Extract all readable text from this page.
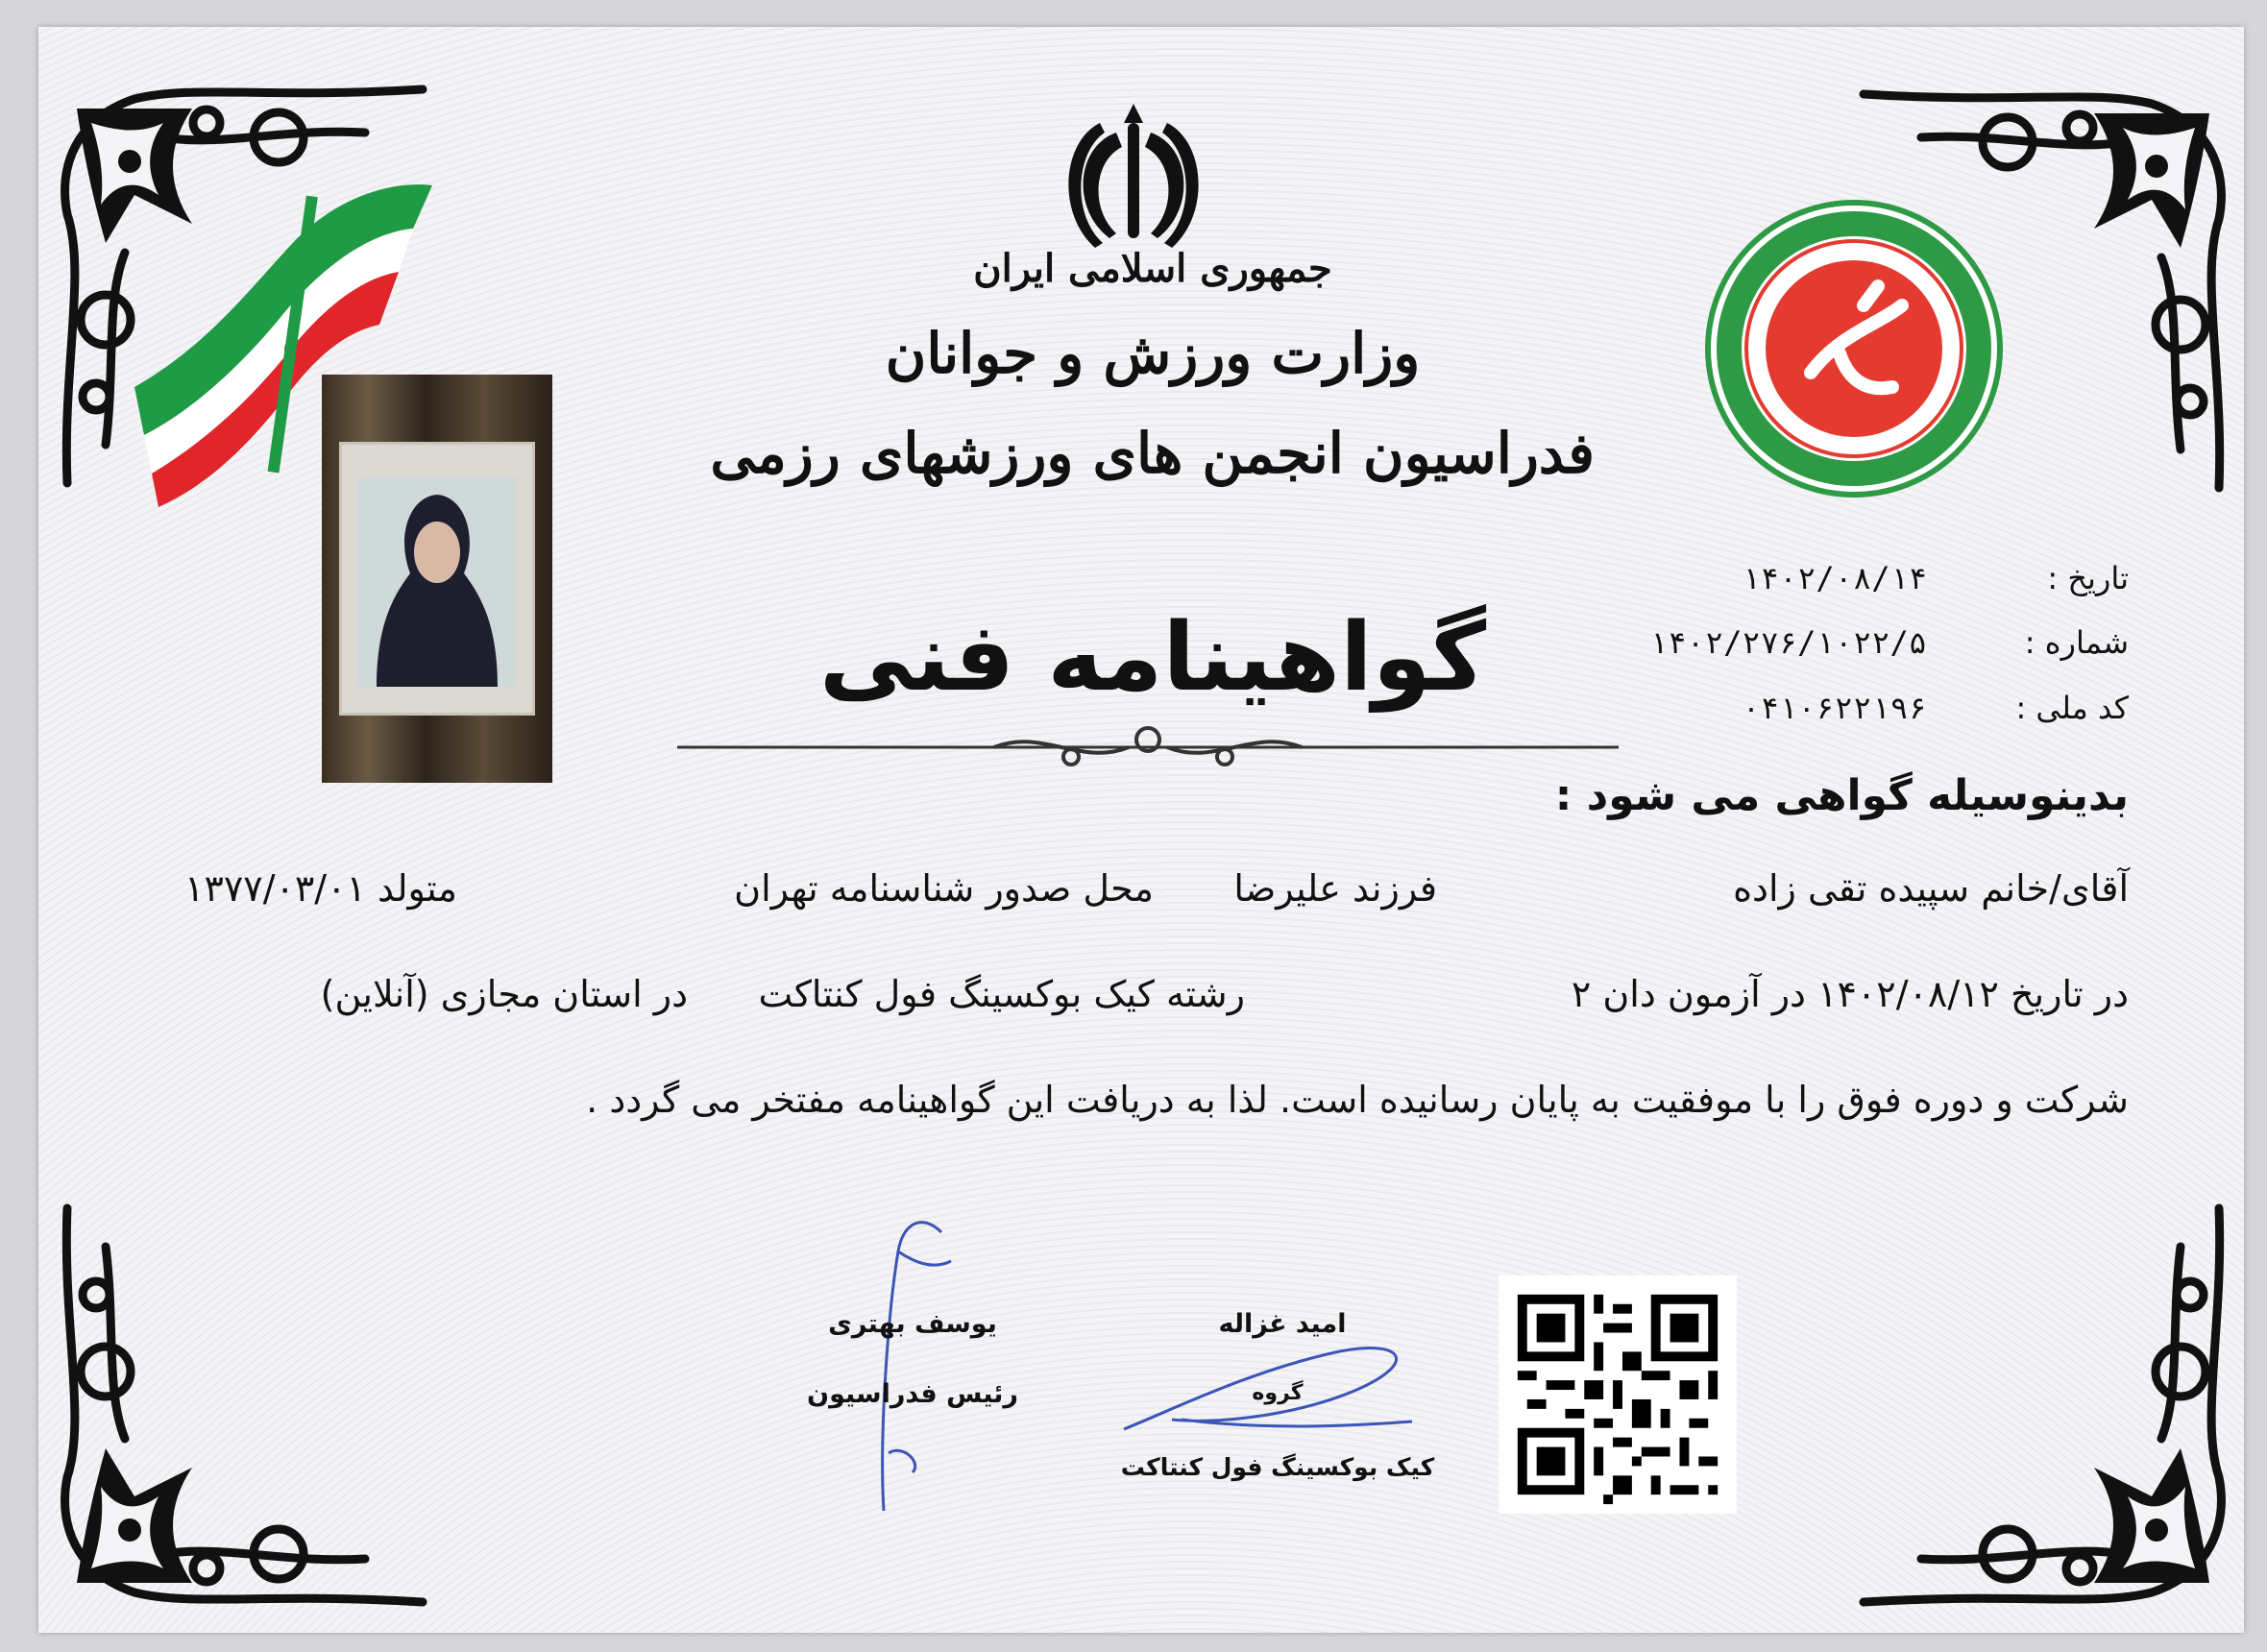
جمهوری اسلامی ایران
وزارت ورزش و جوانان
فدراسیون انجمن های ورزشهای رزمی
تاریخ :
۱۴۰۲/۰۸/۱۴
شماره :
۱۴۰۲/۲۷۶/۱۰۲۲/۵
کد ملی :
۰۴۱۰۶۲۲۱۹۶
گواهینامه فنی
بدینوسیله گواهی می شود :
آقای/خانم سپیده تقی زاده
فرزند علیرضا
محل صدور شناسنامه تهران
متولد ۱۳۷۷/۰۳/۰۱
در تاریخ ۱۴۰۲/۰۸/۱۲ در آزمون دان ۲
رشته کیک بوکسینگ فول کنتاکت
در استان مجازی (آنلاین)
شرکت و دوره فوق را با موفقیت به پایان رسانیده است. لذا به دریافت این گواهینامه مفتخر می گردد .
یوسف بهتری
رئیس فدراسیون
امید غزاله
گروه
کیک بوکسینگ فول کنتاکت
